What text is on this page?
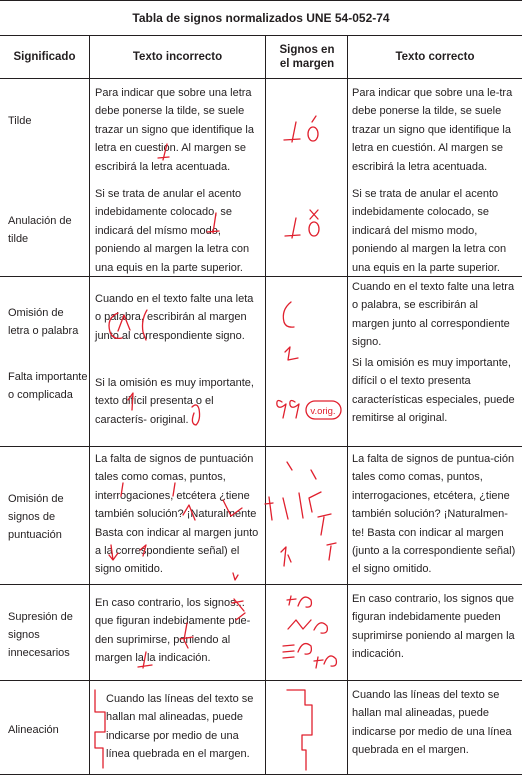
Tabla de signos normalizados UNE 54-052-74
Significado	Texto incorrecto
Signos en el margen
Texto correcto
Tilde
Para indicar que sobre una letra debe ponerse la tilde, se suele trazar un signo que identifique la letra en cuestion. Al margen se escribirá la letra acentuada.
Para indicar que sobre una le-tra debe ponerse la tilde, se suele trazar un signo que identifique la letra en cuestión. Al margen se escribirá la letra acentuada.
Anulación de tilde
Si se trata de anular el acento indebidamente colocado, se indicará del mísmo modo, poniendo al margen la letra con una equis en la parte superior.
Si se trata de anular el acento indebidamente colocado, se indicará del mismo modo, poniendo al margen la letra con una equis en la parte superior.
Omisión de letra o palabra
Cuando en el texto falte una leta o palabra, escribirán al margen junto al correspondiente signo.
Cuando en el texto falte una letra o palabra, se escribirán al margen junto al correspondiente signo.
Falta importante o complicada
Si la omisión es muy importante, texto difícil presenta o el caracterís- original.
Si la omisión es muy importante, difícil o el texto presenta características especiales, puede remitirse al original.
Omisión de signos de puntuación
La falta de signos de puntuación tales como comas, puntos, interrogaciones, etcétera ¿tiene también solución? ¡Naturalmente Basta con indicar al margen junto a la correspondiente señal) el signo omitido.
La falta de signos de puntua-ción tales como comas, puntos, interrogaciones, etcétera, ¿tiene también solución? ¡Naturalmen-te! Basta con indicar al margen (junto a la correspondiente señal) el signo omitido.
Supresión de signos innecesarios
En caso contrario, los signos... que figuran indebidamente pue-den suprimirse, poniendo al margen la la indicación.
En caso contrario, los signos que figuran indebidamente pueden suprimirse poniendo al margen la indicación.
Alineación
Cuando las líneas del texto se hallan mal alineadas, puede indicarse por medio de una línea quebrada en el margen.
Cuando las líneas del texto se hallan mal alineadas, puede indicarse por medio de una línea quebrada en el margen.
v.orig.
